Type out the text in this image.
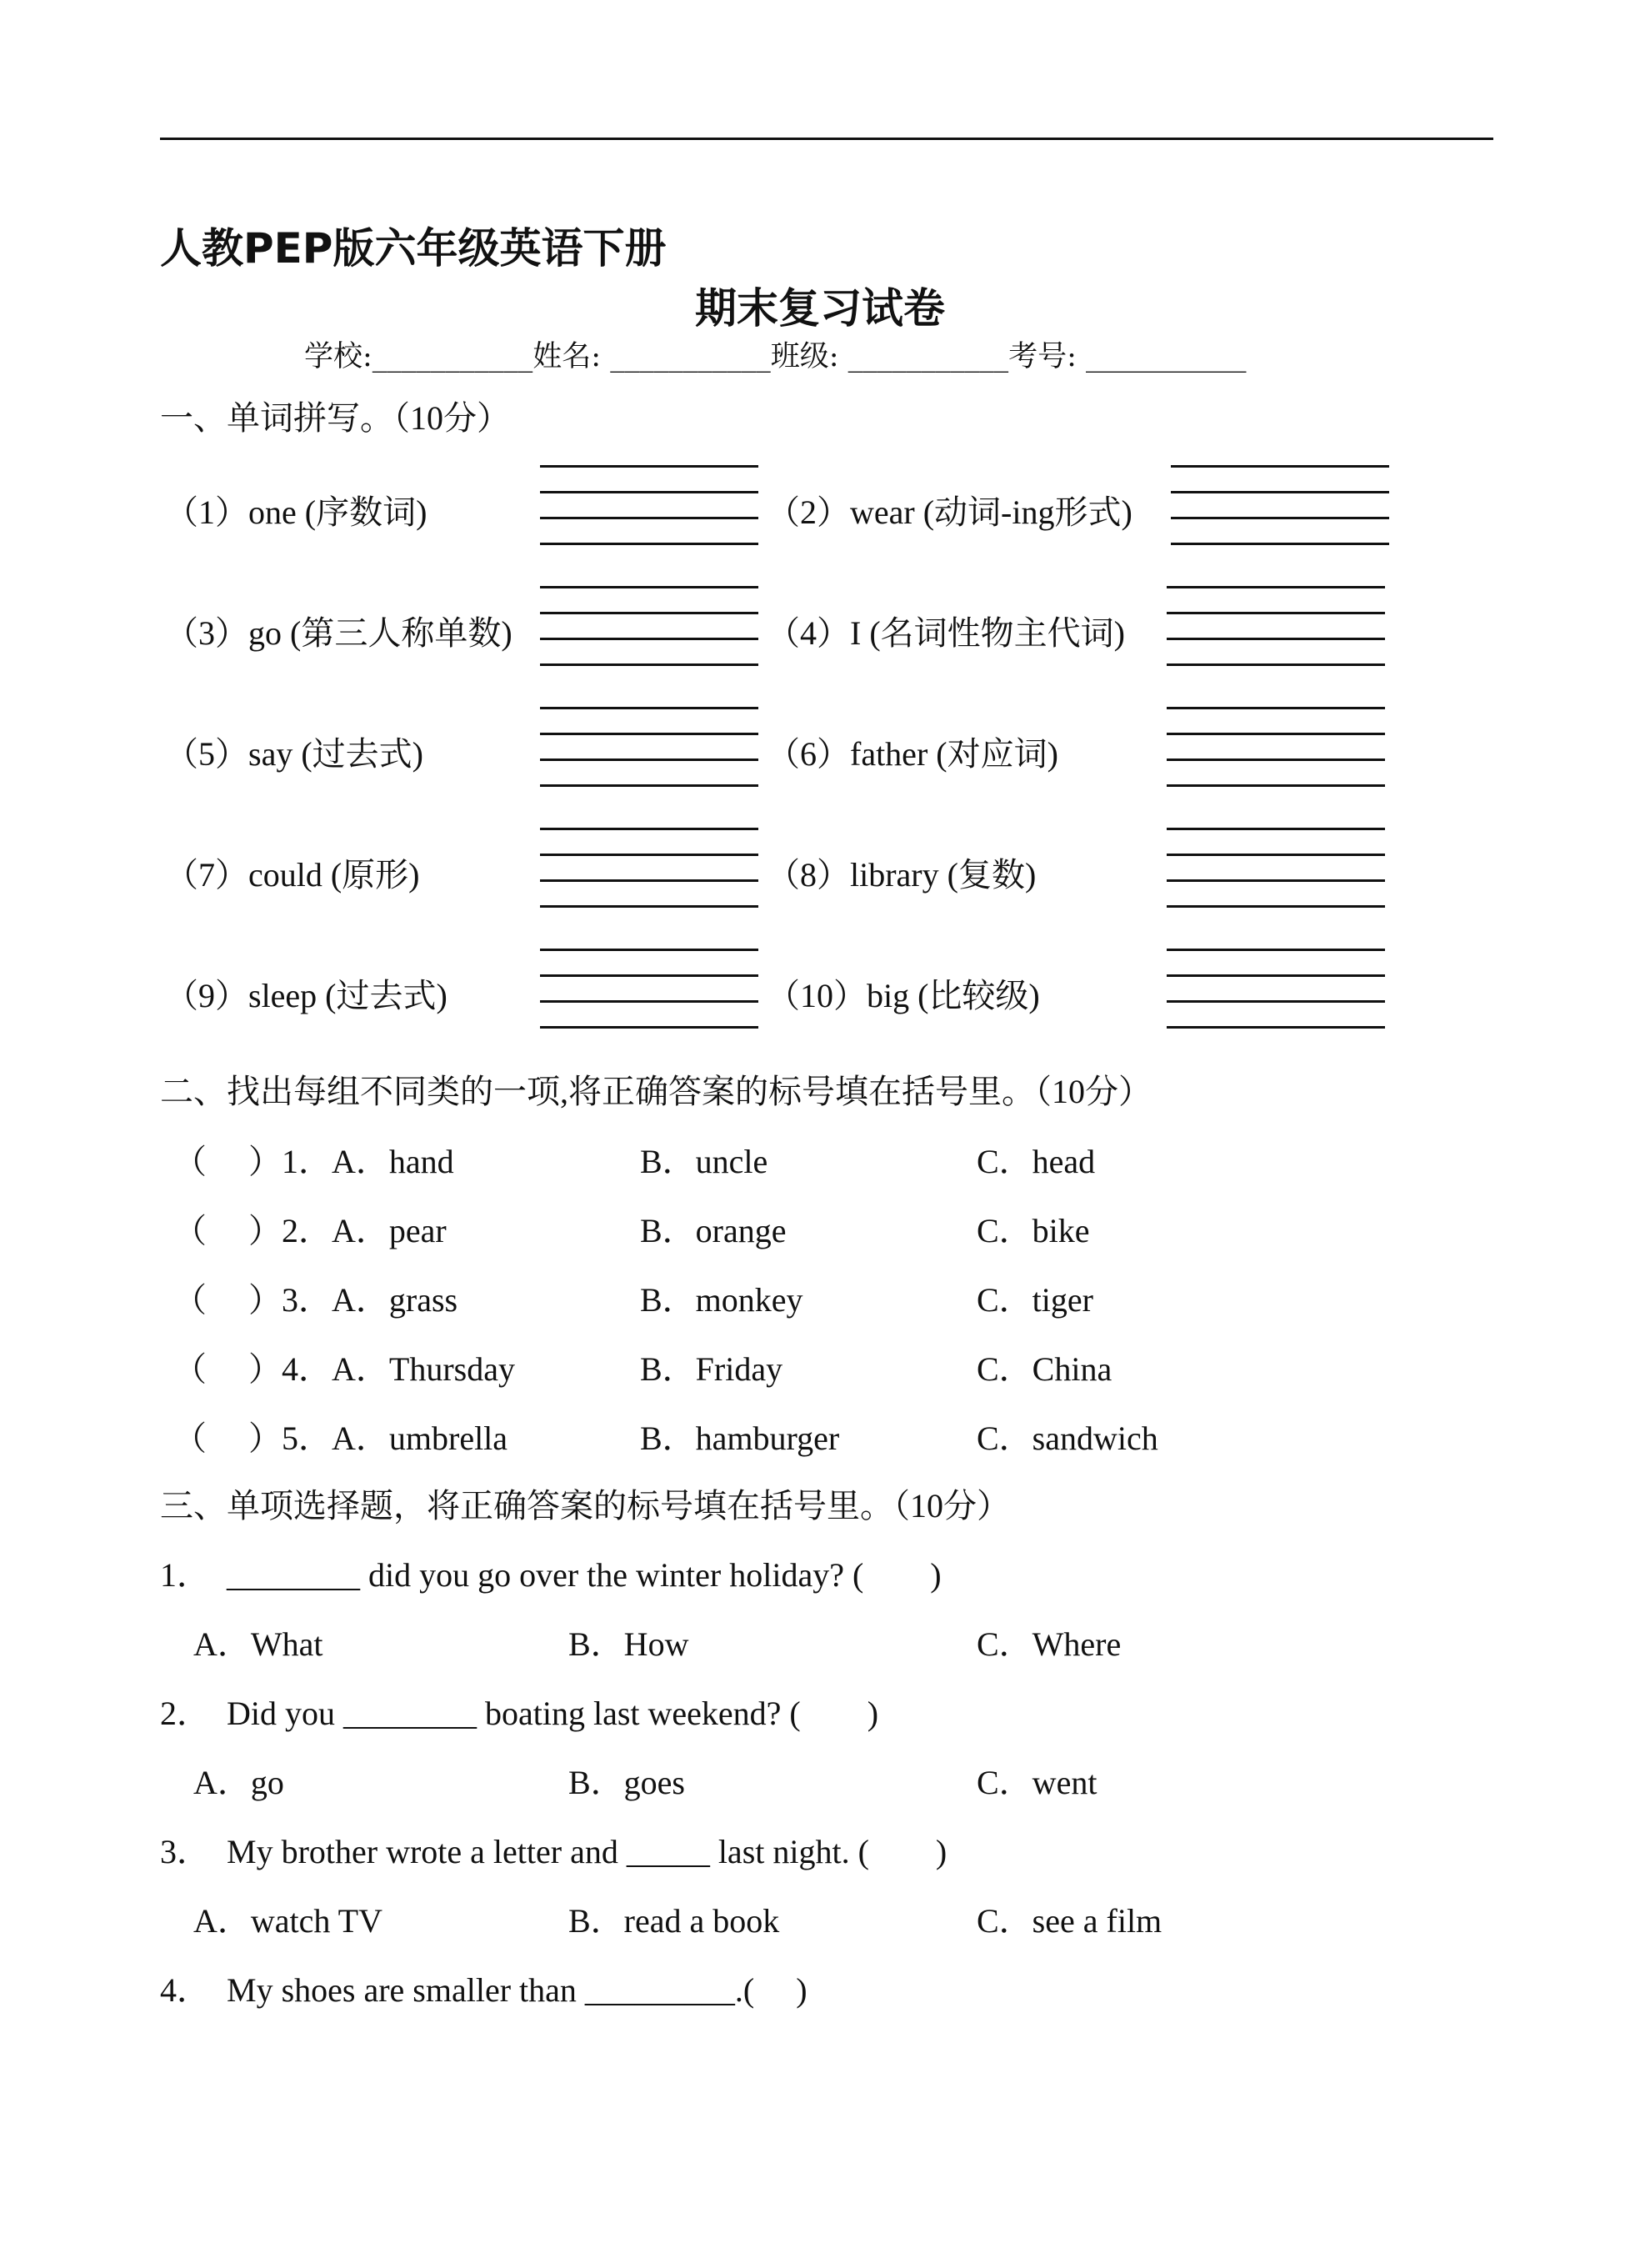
人教PEP版六年级英语下册
期末复习试卷
学校:___________姓名: ___________班级: ___________考号: ___________
一、单词拼写。（10分）
（1）one (序数词)	（2）wear (动词-ing形式)
（3）go (第三人称单数)	（4）I (名词性物主代词)
（5）say (过去式)	（6）father (对应词)
（7）could (原形)	（8）library (复数)
（9）sleep (过去式)	（10）big (比较级)
二、找出每组不同类的一项,将正确答案的标号填在括号里。（10分）
（　 ）1．A．hand	B．uncle	C．head
（　 ）2．A．pear	B．orange	C．bike
（　 ）3．A．grass	B．monkey	C．tiger
（　 ）4．A．Thursday	B．Friday	C．China
（　 ）5．A．umbrella	B．hamburger	C．sandwich
三、单项选择题，将正确答案的标号填在括号里。（10分）
1．　________ did you go over the winter holiday? (　　)
A．What	B．How	C．Where
2．　Did you ________ boating last weekend? (　　)
A．go	B．goes	C．went
3．　My brother wrote a letter and _____ last night. (　　)
A．watch TV	B．read a book	C．see a film
4．　My shoes are smaller than _________.(　 )
